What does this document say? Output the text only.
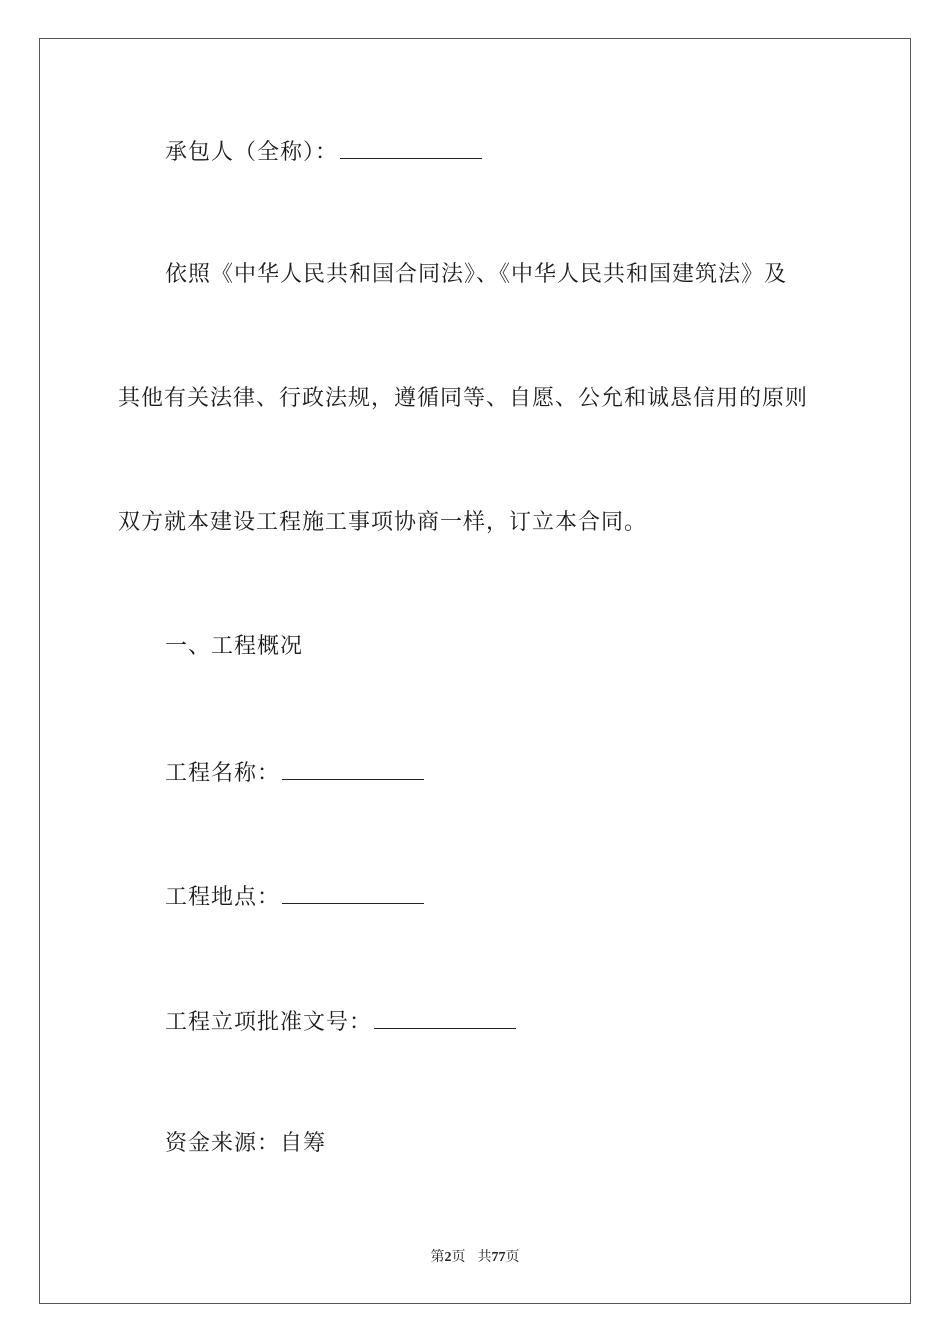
承包人（全称）：
依照《中华人民共和国合同法》、《中华人民共和国建筑法》及
其他有关法律、行政法规，遵循同等、自愿、公允和诚恳信用的原则
双方就本建设工程施工事项协商一样，订立本合同。
一、工程概况
工程名称：
工程地点：
工程立项批准文号：
资金来源：自筹
第2页 共77页
